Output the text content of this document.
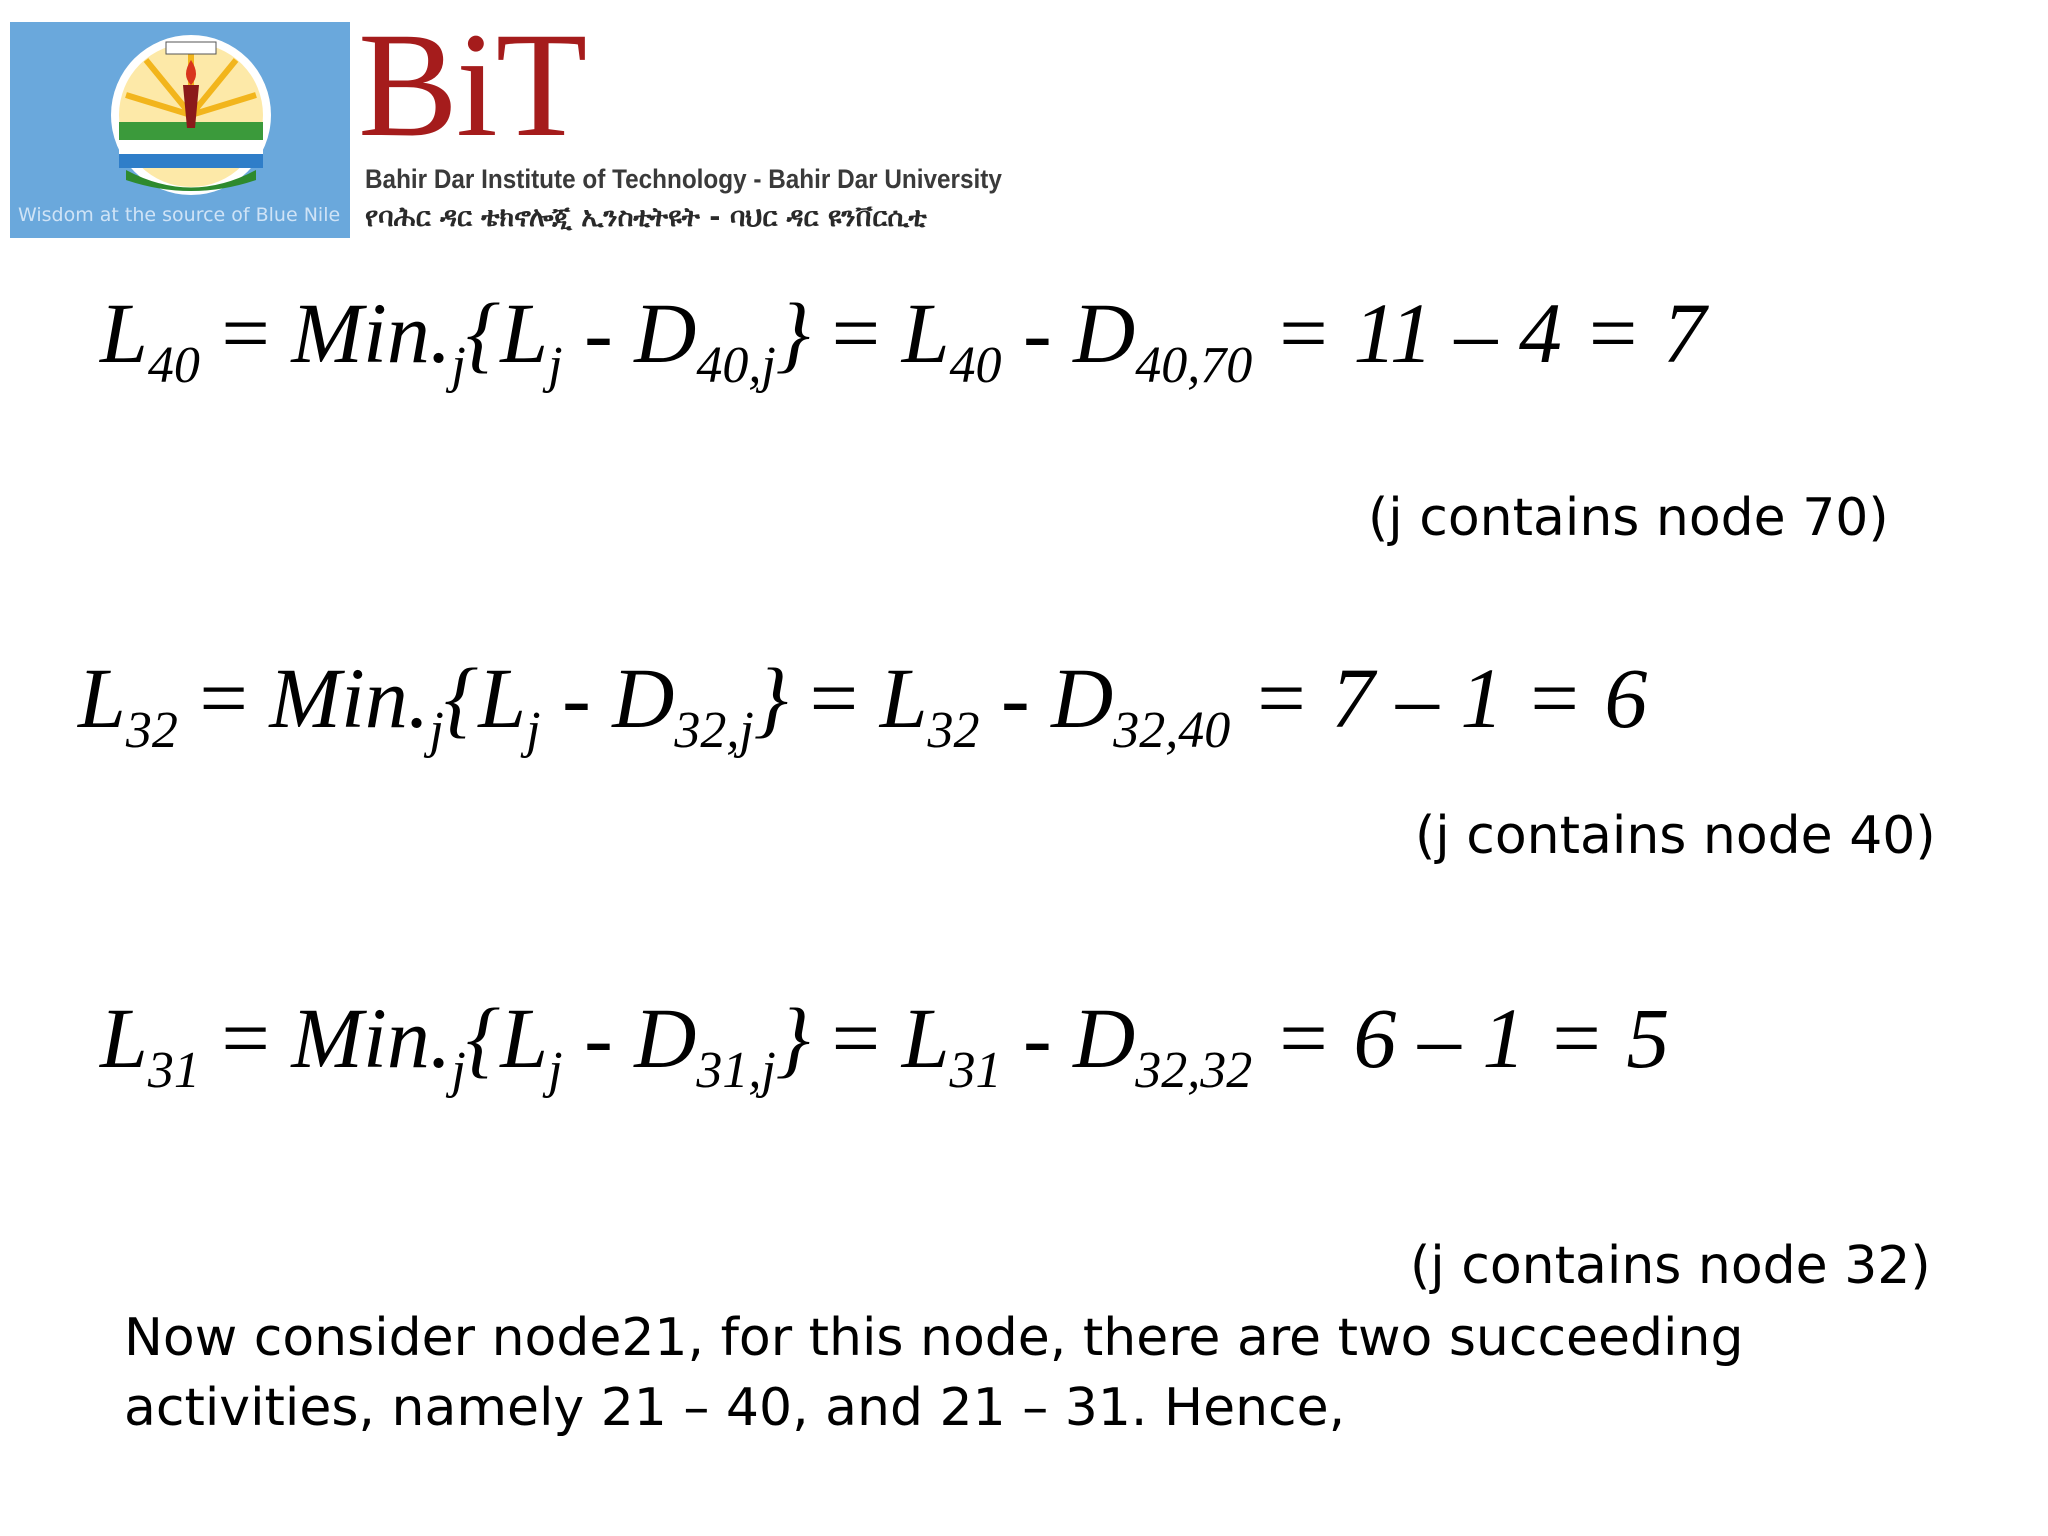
Wisdom at the source of Blue Nile
BiT
Bahir Dar Institute of Technology - Bahir Dar University
የባሕር ዳር ቴክኖሎጂ ኢንስቲትዩት - ባህር ዳር ዩንቨርሲቲ
$L_{40} = Min._j\{L_j - D_{40,j}\} = L_{40} - D_{40,70} = 11 - 4 = 7$
(j contains node 70)
$L_{32} = Min._j\{L_j - D_{32,j}\} = L_{32} - D_{32,40} = 7 - 1 = 6$
(j contains node 40)
$L_{31} = Min._j\{L_j - D_{31,j}\} = L_{31} - D_{32,32} = 6 - 1 = 5$
(j contains node 32)
Now consider node21, for this node, there are two succeeding
activities, namely 21 – 40, and 21 – 31. Hence,
